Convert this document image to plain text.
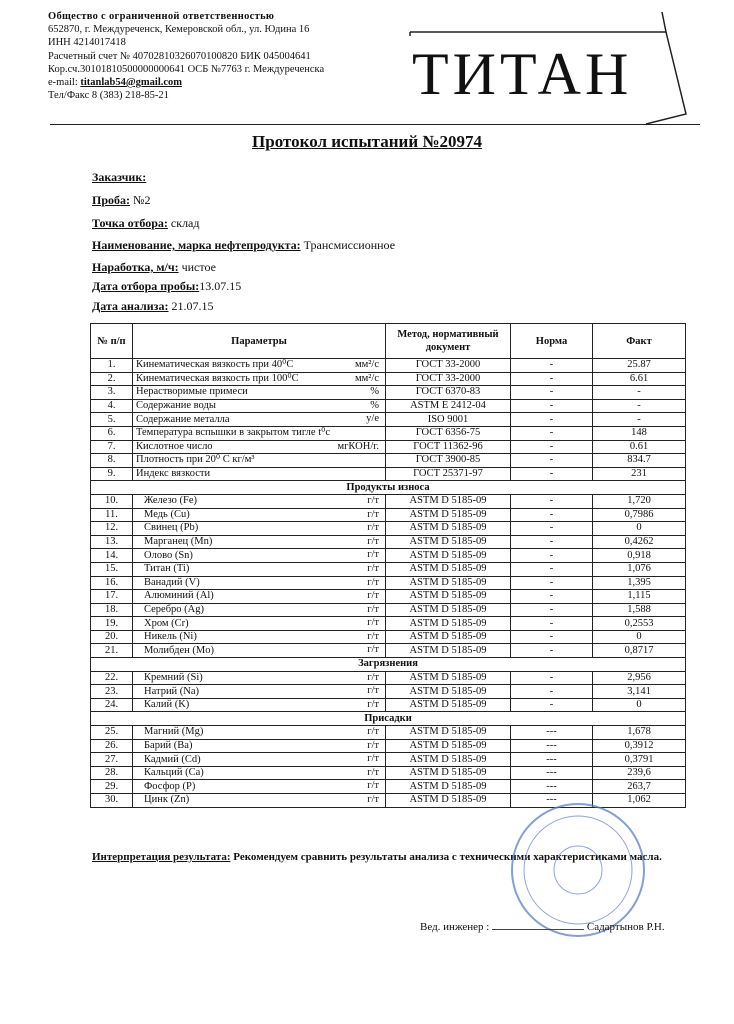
Общество с ограниченной ответственностью
652870, г. Междуреченск, Кемеровской обл., ул. Юдина 16
ИНН 4214017418
Расчетный счет № 40702810326070100820 БИК 045004641
Кор.сч.30101810500000000641 ОСБ №7763 г. Междуреченска
e-mail: titanlab54@gmail.com
Тел/Факс 8 (383) 218-85-21	ТИТАН
Протокол испытаний №20974
Заказчик:
Проба: №2
Точка отбора: склад
Наименование, марка нефтепродукта: Трансмиссионное
Наработка, м/ч: чистое
Дата отбора пробы:13.07.15
Дата анализа: 21.07.15
№ п/п	Параметры	Метод, нормативный документ	Норма	Факт
1.	Кинематическая вязкость при 40⁰С мм²/с	ГОСТ 33-2000	-	25.87
2.	Кинематическая вязкость при 100⁰С мм²/с	ГОСТ 33-2000	-	6.61
3.	Нерастворимые примеси %	ГОСТ 6370-83	-	-
4.	Содержание воды %	ASTM E 2412-04	-	-
5.	Содержание металла у/е	ISO 9001	-	-
6.	Температура вспышки в закрытом тигле t⁰с	ГОСТ 6356-75	-	148
7.	Кислотное число мгКОН/г.	ГОСТ 11362-96	-	0.61
8.	Плотность при 20⁰ С кг/м³	ГОСТ 3900-85	-	834.7
9.	Индекс вязкости	ГОСТ 25371-97	-	231
Продукты износа				
10.	Железо (Fe) г/т	ASTM D 5185-09	-	1,720
11.	Медь (Cu) г/т	ASTM D 5185-09	-	0,7986
12.	Свинец (Pb) г/т	ASTM D 5185-09	-	0
13.	Марганец (Mn) г/т	ASTM D 5185-09	-	0,4262
14.	Олово (Sn) г/т	ASTM D 5185-09	-	0,918
15.	Титан (Ti) г/т	ASTM D 5185-09	-	1,076
16.	Ванадий (V) г/т	ASTM D 5185-09	-	1,395
17.	Алюминий (Al) г/т	ASTM D 5185-09	-	1,115
18.	Серебро (Ag) г/т	ASTM D 5185-09	-	1,588
19.	Хром (Cr) г/т	ASTM D 5185-09	-	0,2553
20.	Никель (Ni) г/т	ASTM D 5185-09	-	0
21.	Молибден (Mo) г/т	ASTM D 5185-09	-	0,8717
Загрязнения				
22.	Кремний (Si) г/т	ASTM D 5185-09	-	2,956
23.	Натрий (Na) г/т	ASTM D 5185-09	-	3,141
24.	Калий (K) г/т	ASTM D 5185-09	-	0
Присадки				
25.	Магний (Mg) г/т	ASTM D 5185-09	---	1,678
26.	Барий (Ba) г/т	ASTM D 5185-09	---	0,3912
27.	Кадмий (Cd) г/т	ASTM D 5185-09	---	0,3791
28.	Кальций (Ca) г/т	ASTM D 5185-09	---	239,6
29.	Фосфор (P) г/т	ASTM D 5185-09	---	263,7
30.	Цинк (Zn) г/т	ASTM D 5185-09	---	1,062
Интерпретация результата: Рекомендуем сравнить результаты анализа с техническими характеристиками масла.
Вед. инженер :	Садартынов Р.Н.
